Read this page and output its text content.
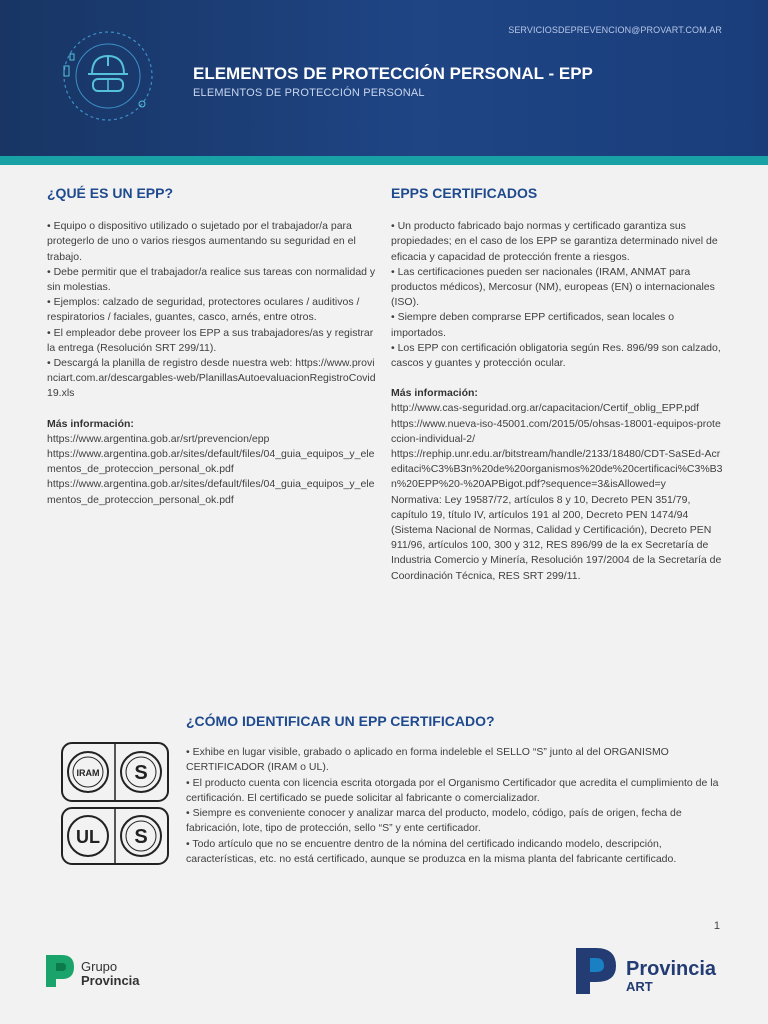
SERVICIOSDEPREVENCION@PROVART.COM.AR
ELEMENTOS DE PROTECCIÓN PERSONAL - EPP
ELEMENTOS DE PROTECCIÓN PERSONAL
¿QUÉ ES UN EPP?
• Equipo o dispositivo utilizado o sujetado por el trabajador/a para protegerlo de uno o varios riesgos aumentando su seguridad en el trabajo.
• Debe permitir que el trabajador/a realice sus tareas con normalidad y sin molestias.
• Ejemplos: calzado de seguridad, protectores oculares / auditivos / respiratorios / faciales, guantes, casco, arnés, entre otros.
• El empleador debe proveer los EPP a sus trabajadores/as y registrar la entrega (Resolución SRT 299/11).
• Descargá la planilla de registro desde nuestra web: https://www.provinciart.com.ar/descargables-web/PlanillasAutoevaluacionRegistroCovid19.xls

Más información:

https://www.argentina.gob.ar/srt/prevencion/epp
https://www.argentina.gob.ar/sites/default/files/04_guia_equipos_y_elementos_de_proteccion_personal_ok.pdf
https://www.argentina.gob.ar/sites/default/files/04_guia_equipos_y_elementos_de_proteccion_personal_ok.pdf
EPPS CERTIFICADOS
• Un producto fabricado bajo normas y certificado garantiza sus propiedades; en el caso de los EPP se garantiza determinado nivel de eficacia y capacidad de protección frente a riesgos.
• Las certificaciones pueden ser nacionales (IRAM, ANMAT para productos médicos), Mercosur (NM), europeas (EN) o internacionales (ISO).
• Siempre deben comprarse EPP certificados, sean locales o importados.
• Los EPP con certificación obligatoria según Res. 896/99 son calzado, cascos y guantes y protección ocular.

Más información:

http://www.cas-seguridad.org.ar/capacitacion/Certif_oblig_EPP.pdf
https://www.nueva-iso-45001.com/2015/05/ohsas-18001-equipos-proteccion-individual-2/
https://rephip.unr.edu.ar/bitstream/handle/2133/18480/CDT-SaSEd-Acreditaci%C3%B3n%20de%20organismos%20de%20certificaci%C3%B3n%20EPP%20-%20APBigot.pdf?sequence=3&isAllowed=y
Normativa: Ley 19587/72, artículos 8 y 10, Decreto PEN 351/79, capítulo 19, título IV, artículos 191 al 200, Decreto PEN 1474/94 (Sistema Nacional de Normas, Calidad y Certificación), Decreto PEN 911/96, artículos 100, 300 y 312, RES 896/99 de la ex Secretaría de Industria Comercio y Minería, Resolución 197/2004 de la Secretaría de Coordinación Técnica, RES SRT 299/11.
¿CÓMO IDENTIFICAR UN EPP CERTIFICADO?
IRAM S
UL S
• Exhibe en lugar visible, grabado o aplicado en forma indeleble el SELLO “S” junto al del ORGANISMO CERTIFICADOR (IRAM o UL).
• El producto cuenta con licencia escrita otorgada por el Organismo Certificador que acredita el cumplimiento de la certificación. El certificado se puede solicitar al fabricante o comercializador.
• Siempre es conveniente conocer y analizar marca del producto, modelo, código, país de origen, fecha de fabricación, lote, tipo de protección, sello “S” y ente certificador.
• Todo artículo que no se encuentre dentro de la nómina del certificado indicando modelo, descripción, características, etc. no está certificado, aunque se produzca en la misma planta del fabricante certificado.
1
Grupo
Provincia
Provincia
ART
